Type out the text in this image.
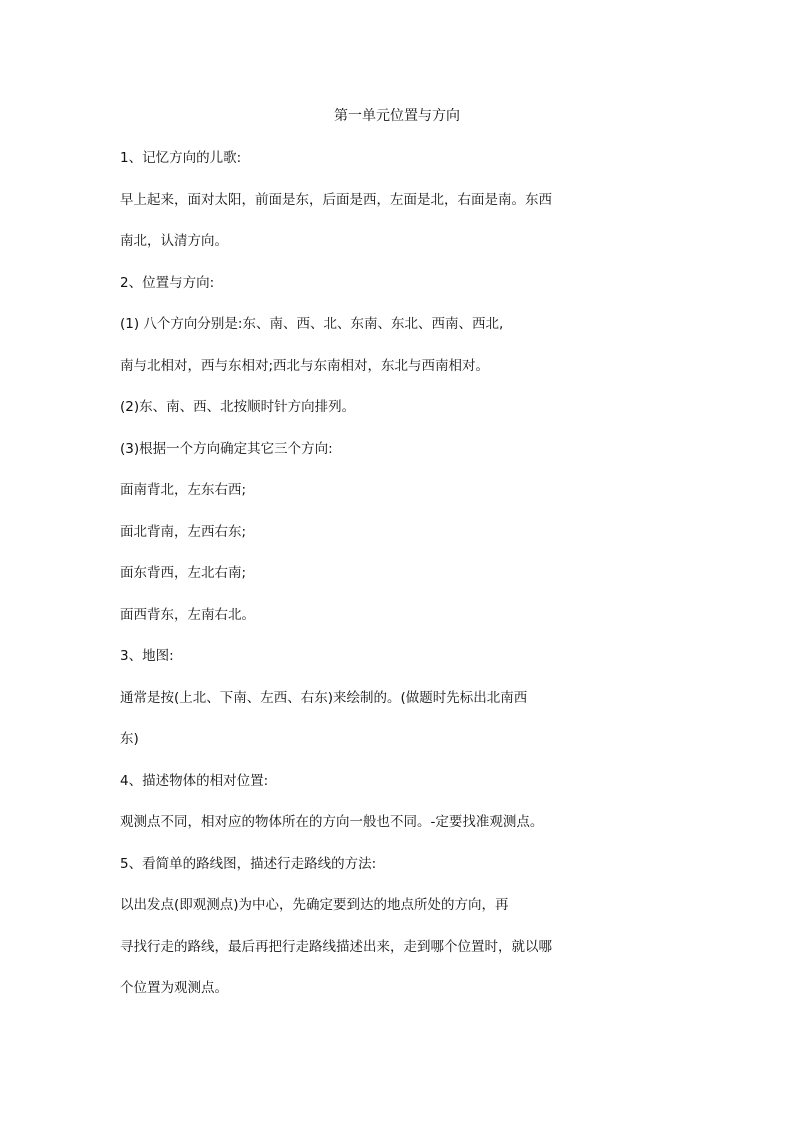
第一单元位置与方向
1、记忆方向的儿歌:
早上起来，面对太阳，前面是东，后面是西，左面是北，右面是南。东西
南北，认清方向。
2、位置与方向:
(1) 八个方向分别是:东、南、西、北、东南、东北、西南、西北,
南与北相对，西与东相对;西北与东南相对，东北与西南相对。
(2)东、南、西、北按顺时针方向排列。
(3)根据一个方向确定其它三个方向:
面南背北，左东右西;
面北背南，左西右东;
面东背西，左北右南;
面西背东，左南右北。
3、地图:
通常是按(上北、下南、左西、右东)来绘制的。(做题时先标出北南西
东)
4、描述物体的相对位置:
观测点不同，相对应的物体所在的方向一般也不同。-定要找准观测点。
5、看简单的路线图，描述行走路线的方法:
以出发点(即观测点)为中心，先确定要到达的地点所处的方向，再
寻找行走的路线，最后再把行走路线描述出来，走到哪个位置时，就以哪
个位置为观测点。
